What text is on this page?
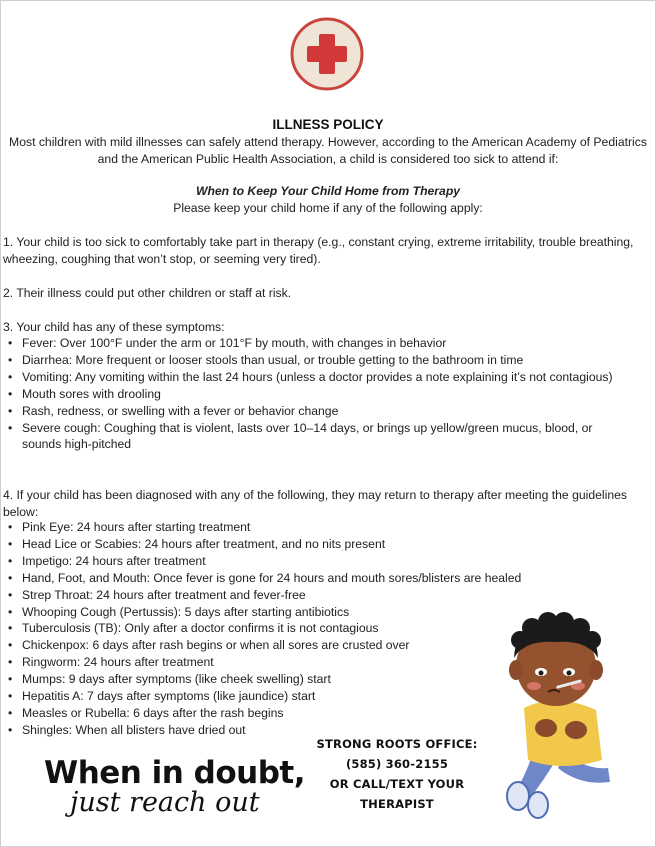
ILLNESS POLICY
Most children with mild illnesses can safely attend therapy. However, according to the American Academy of Pediatrics and the American Public Health Association, a child is considered too sick to attend if:
When to Keep Your Child Home from Therapy
Please keep your child home if any of the following apply:
1. Your child is too sick to comfortably take part in therapy (e.g., constant crying, extreme irritability, trouble breathing, wheezing, coughing that won’t stop, or seeming very tired).
2. Their illness could put other children or staff at risk.
3. Your child has any of these symptoms:
• Fever: Over 100°F under the arm or 101°F by mouth, with changes in behavior
• Diarrhea: More frequent or looser stools than usual, or trouble getting to the bathroom in time
• Vomiting: Any vomiting within the last 24 hours (unless a doctor provides a note explaining it’s not contagious)
• Mouth sores with drooling
• Rash, redness, or swelling with a fever or behavior change
• Severe cough: Coughing that is violent, lasts over 10–14 days, or brings up yellow/green mucus, blood, or sounds high-pitched
4. If your child has been diagnosed with any of the following, they may return to therapy after meeting the guidelines below:
• Pink Eye: 24 hours after starting treatment
• Head Lice or Scabies: 24 hours after treatment, and no nits present
• Impetigo: 24 hours after treatment
• Hand, Foot, and Mouth: Once fever is gone for 24 hours and mouth sores/blisters are healed
• Strep Throat: 24 hours after treatment and fever-free
• Whooping Cough (Pertussis): 5 days after starting antibiotics
• Tuberculosis (TB): Only after a doctor confirms it is not contagious
• Chickenpox: 6 days after rash begins or when all sores are crusted over
• Ringworm: 24 hours after treatment
• Mumps: 9 days after symptoms (like cheek swelling) start
• Hepatitis A: 7 days after symptoms (like jaundice) start
• Measles or Rubella: 6 days after the rash begins
• Shingles: When all blisters have dried out
STRONG ROOTS OFFICE:
(585) 360-2155
OR CALL/TEXT YOUR THERAPIST
When in doubt,
just reach out
